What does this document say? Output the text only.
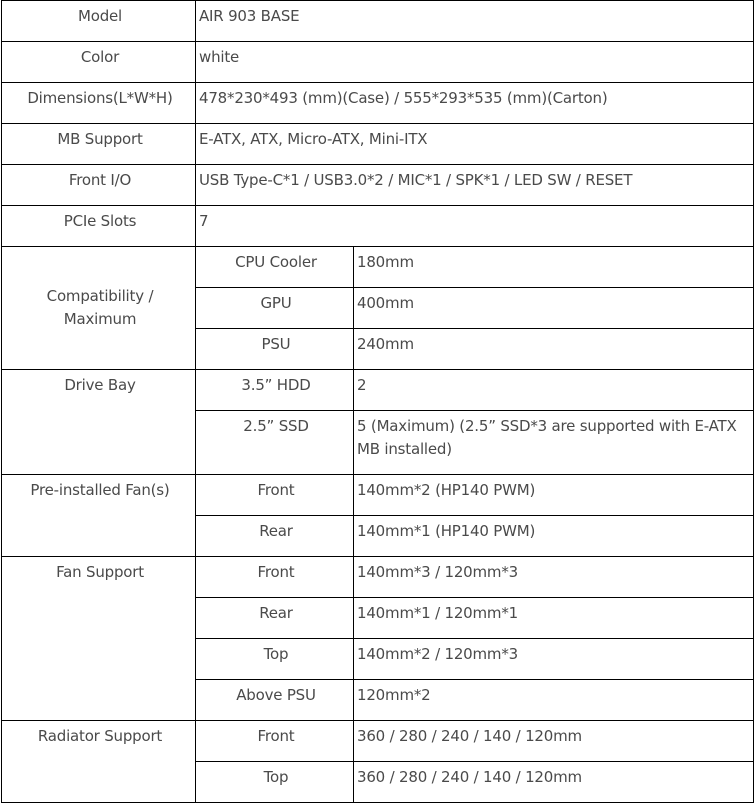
Model	AIR 903 BASE	
Color	white	
Dimensions(L*W*H)	478*230*493 (mm)(Case) / 555*293*535 (mm)(Carton)	
MB Support	E-ATX, ATX, Micro-ATX, Mini-ITX	
Front I/O	USB Type-C*1 / USB3.0*2 / MIC*1 / SPK*1 / LED SW / RESET	
PCIe Slots	7	

Compatibility / Maximum	CPU Cooler	180mm
	GPU	400mm
	PSU	240mm
Drive Bay	3.5” HDD	2
	2.5” SSD	5 (Maximum) (2.5” SSD*3 are supported with E-ATX MB installed)
Pre-installed Fan(s)	Front	140mm*2 (HP140 PWM)
	Rear	140mm*1 (HP140 PWM)
Fan Support	Front	140mm*3 / 120mm*3
	Rear	140mm*1 / 120mm*1
	Top	140mm*2 / 120mm*3
	Above PSU	120mm*2
Radiator Support	Front	360 / 280 / 240 / 140 / 120mm
	Top	360 / 280 / 240 / 140 / 120mm
